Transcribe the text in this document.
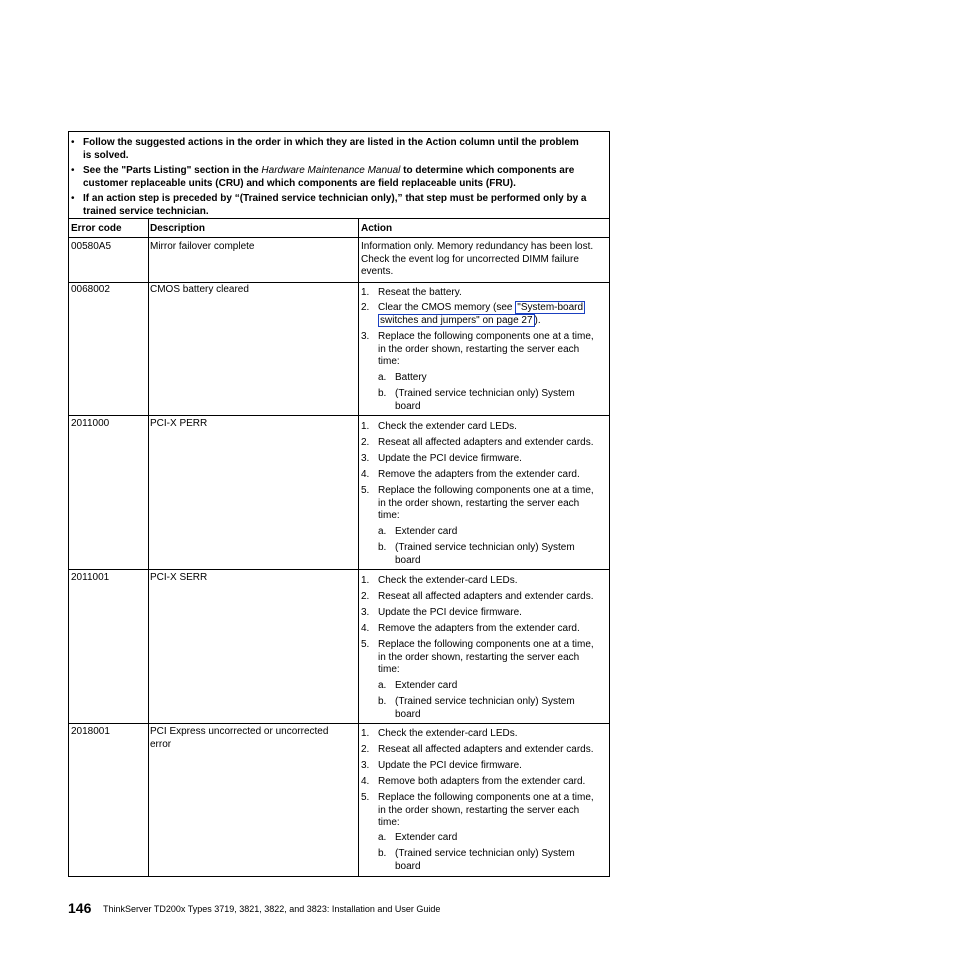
• Follow the suggested actions in the order in which they are listed in the Action column until the problem
is solved.
• See the "Parts Listing" section in the Hardware Maintenance Manual to determine which components are
customer replaceable units (CRU) and which components are field replaceable units (FRU).
• If an action step is preceded by “(Trained service technician only),” that step must be performed only by a
trained service technician.
Error code	Description	Action
00580A5	Mirror failover complete	Information only. Memory redundancy has been lost.
Check the event log for uncorrected DIMM failure
events.
0068002	CMOS battery cleared	1. Reseat the battery.
2. Clear the CMOS memory (see "System-board
switches and jumpers" on page 27 ).
3. Replace the following components one at a time,
in the order shown, restarting the server each
time:
a. Battery
b. (Trained service technician only) System
board
2011000	PCI-X PERR	1. Check the extender card LEDs.
2. Reseat all affected adapters and extender cards.
3. Update the PCI device firmware.
4. Remove the adapters from the extender card.
5. Replace the following components one at a time,
in the order shown, restarting the server each
time:
a. Extender card
b. (Trained service technician only) System
board
2011001	PCI-X SERR	1. Check the extender-card LEDs.
2. Reseat all affected adapters and extender cards.
3. Update the PCI device firmware.
4. Remove the adapters from the extender card.
5. Replace the following components one at a time,
in the order shown, restarting the server each
time:
a. Extender card
b. (Trained service technician only) System
board
2018001	PCI Express uncorrected or uncorrected
error
1. Check the extender-card LEDs.
2. Reseat all affected adapters and extender cards.
3. Update the PCI device firmware.
4. Remove both adapters from the extender card.
5. Replace the following components one at a time,
in the order shown, restarting the server each
time:
a. Extender card
b. (Trained service technician only) System
board
146 ThinkServer TD200x Types 3719, 3821, 3822, and 3823: Installation and User Guide
